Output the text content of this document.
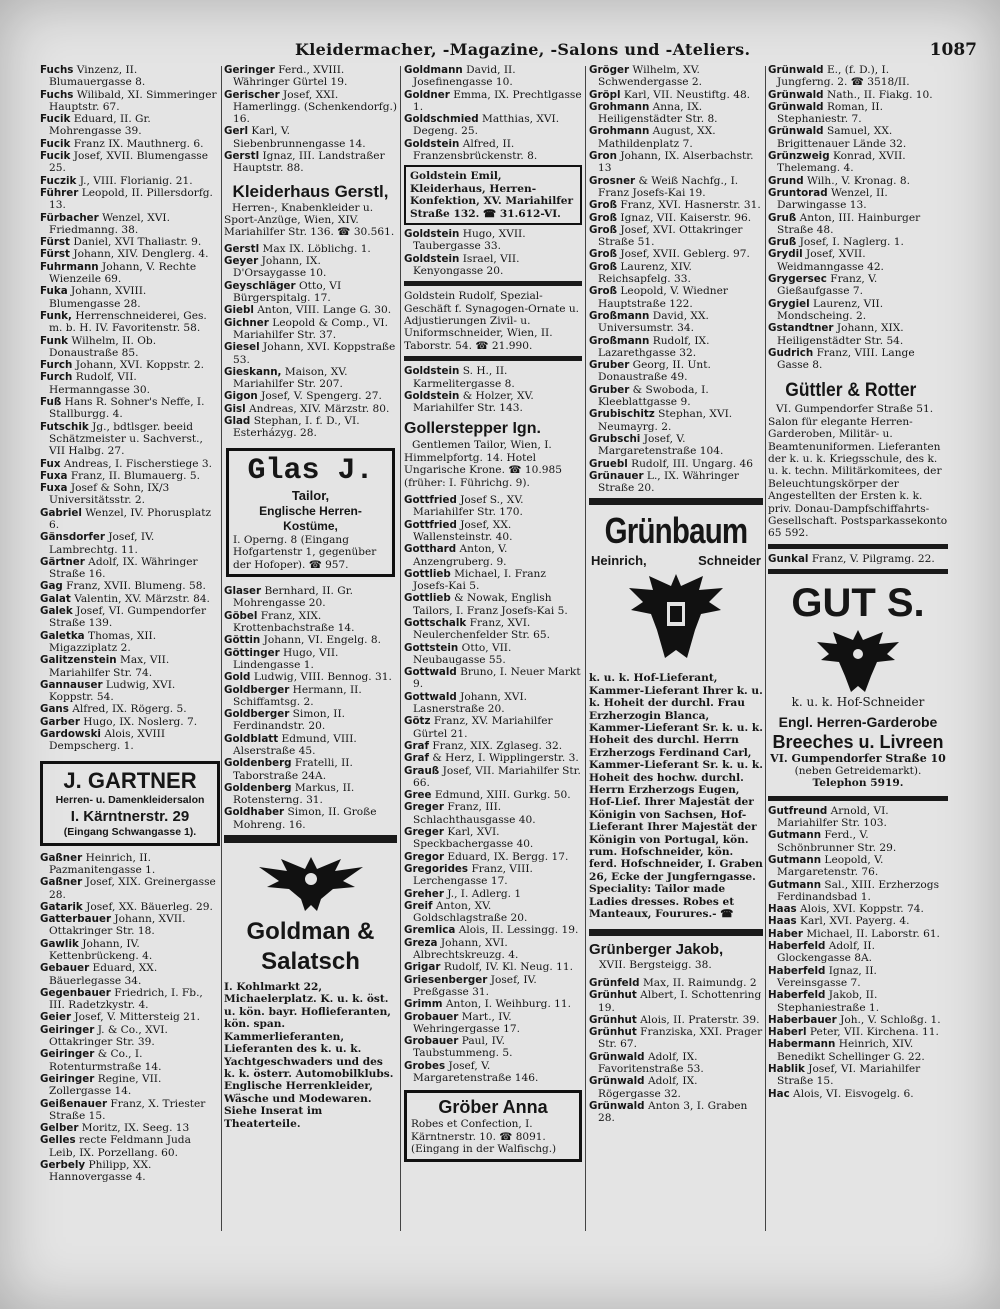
Kleidermacher, -Magazine, -Salons und -Ateliers.	1087
Fuchs Vinzenz, II. Blumauergasse 8.
Fuchs Wilibald, XI. Simmeringer Hauptstr. 67.
Fucik Eduard, II. Gr. Mohrengasse 39.
Fucik Franz IX. Mauthnerg. 6.
Fucik Josef, XVII. Blumengasse 25.
Fuczik J., VIII. Florianig. 21.
Führer Leopold, II. Pillersdorfg. 13.
Fürbacher Wenzel, XVI. Friedmanng. 38.
Fürst Daniel, XVI Thaliastr. 9.
Fürst Johann, XIV. Denglerg. 4.
Fuhrmann Johann, V. Rechte Wienzeile 69.
Fuka Johann, XVIII. Blumengasse 28.
Funk, Herrenschneiderei, Ges. m. b. H. IV. Favoritenstr. 58.
Funk Wilhelm, II. Ob. Donaustraße 85.
Furch Johann, XVI. Koppstr. 2.
Furch Rudolf, VII. Hermanngasse 30.
Fuß Hans R. Sohner's Neffe, I. Stallburgg. 4.
Futschik Jg., bdtlsger. beeid Schätzmeister u. Sachverst., VII Halbg. 27.
Fux Andreas, I. Fischerstiege 3.
Fuxa Franz, II. Blumauerg. 5.
Fuxa Josef & Sohn, IX/3 Universitätsstr. 2.
Gabriel Wenzel, IV. Phorusplatz 6.
Gänsdorfer Josef, IV. Lambrechtg. 11.
Gärtner Adolf, IX. Währinger Straße 16.
Gag Franz, XVII. Blumeng. 58.
Galat Valentin, XV. Märzstr. 84.
Galek Josef, VI. Gumpendorfer Straße 139.
Galetka Thomas, XII. Migazziplatz 2.
Galitzenstein Max, VII. Mariahilfer Str. 74.
Gannauser Ludwig, XVI. Koppstr. 54.
Gans Alfred, IX. Rögerg. 5.
Garber Hugo, IX. Noslerg. 7.
Gardowski Alois, XVIII Dempscherg. 1.
J. GARTNER
Herren- u. Damenkleidersalon
I. Kärntnerstr. 29
(Eingang Schwangasse 1).
Gaßner Heinrich, II. Pazmanitengasse 1.
Gaßner Josef, XIX. Greinergasse 28.
Gatarik Josef, XX. Bäuerleg. 29.
Gatterbauer Johann, XVII. Ottakringer Str. 18.
Gawlik Johann, IV. Kettenbrückeng. 4.
Gebauer Eduard, XX. Bäuerlegasse 34.
Gegenbauer Friedrich, I. Fb., III. Radetzkystr. 4.
Geier Josef, V. Mittersteig 21.
Geiringer J. & Co., XVI. Ottakringer Str. 39.
Geiringer & Co., I. Rotenturmstraße 14.
Geiringer Regine, VII. Zollergasse 14.
Geißenauer Franz, X. Triester Straße 15.
Gelber Moritz, IX. Seeg. 13
Gelles recte Feldmann Juda Leib, IX. Porzellang. 60.
Gerbely Philipp, XX. Hannovergasse 4.
Geringer Ferd., XVIII. Währinger Gürtel 19.
Gerischer Josef, XXI. Hamerlingg. (Schenkendorfg.) 16.
Gerl Karl, V. Siebenbrunnengasse 14.
Gerstl Ignaz, III. Landstraßer Hauptstr. 88.
Kleiderhaus Gerstl,
Herren-, Knabenkleider u. Sport-Anzüge, Wien, XIV. Mariahilfer Str. 136. ☎ 30.561.
Gerstl Max IX. Löblichg. 1.
Geyer Johann, IX. D'Orsaygasse 10.
Geyschläger Otto, VI Bürgerspitalg. 17.
Giebl Anton, VIII. Lange G. 30.
Gichner Leopold & Comp., VI. Mariahilfer Str. 37.
Giesel Johann, XVI. Koppstraße 53.
Gieskann, Maison, XV. Mariahilfer Str. 207.
Gigon Josef, V. Spengerg. 27.
Gisl Andreas, XIV. Märzstr. 80.
Glad Stephan, I. f. D., VI. Esterházyg. 28.
Glas J.
Tailor,
Englische Herren-
Kostüme,
I. Operng. 8 (Eingang Hofgartenstr 1, gegenüber der Hofoper). ☎ 957.
Glaser Bernhard, II. Gr. Mohrengasse 20.
Göbel Franz, XIX. Krottenbachstraße 14.
Göttin Johann, VI. Engelg. 8.
Göttinger Hugo, VII. Lindengasse 1.
Gold Ludwig, VIII. Bennog. 31.
Goldberger Hermann, II. Schiffamtsg. 2.
Goldberger Simon, II. Ferdinandstr. 20.
Goldblatt Edmund, VIII. Alserstraße 45.
Goldenberg Fratelli, II. Taborstraße 24A.
Goldenberg Markus, II. Rotensterng. 31.
Goldhaber Simon, II. Große Mohreng. 16.
Goldman &
Salatsch
I. Kohlmarkt 22, Michaelerplatz. K. u. k. öst. u. kön. bayr. Hoflieferanten, kön. span. Kammerlieferanten, Lieferanten des k. u. k. Yachtgeschwaders und des k. k. österr. Automobilklubs. Englische Herrenkleider, Wäsche und Modewaren. Siehe Inserat im Theaterteile.
Goldmann David, II. Josefinengasse 10.
Goldner Emma, IX. Prechtlgasse 1.
Goldschmied Matthias, XVI. Degeng. 25.
Goldstein Alfred, II. Franzensbrückenstr. 8.
Goldstein Emil, Kleiderhaus, Herren-Konfektion, XV. Mariahilfer Straße 132. ☎ 31.612-VI.
Goldstein Hugo, XVII. Taubergasse 33.
Goldstein Israel, VII. Kenyongasse 20.
Goldstein Rudolf, Spezial-Geschäft f. Synagogen-Ornate u. Adjustierungen Zivil- u. Uniformschneider, Wien, II. Taborstr. 54. ☎ 21.990.
Goldstein S. H., II. Karmelitergasse 8.
Goldstein & Holzer, XV. Mariahilfer Str. 143.
Gollerstepper Ign.
Gentlemen Tailor, Wien, I. Himmelpfortg. 14. Hotel Ungarische Krone. ☎ 10.985 (früher: I. Führichg. 9).
Gottfried Josef S., XV. Mariahilfer Str. 170.
Gottfried Josef, XX. Wallensteinstr. 40.
Gotthard Anton, V. Anzengruberg. 9.
Gottlieb Michael, I. Franz Josefs-Kai 5.
Gottlieb & Nowak, English Tailors, I. Franz Josefs-Kai 5.
Gottschalk Franz, XVI. Neulerchenfelder Str. 65.
Gottstein Otto, VII. Neubaugasse 55.
Gottwald Bruno, I. Neuer Markt 9.
Gottwald Johann, XVI. Lasnerstraße 20.
Götz Franz, XV. Mariahilfer Gürtel 21.
Graf Franz, XIX. Zglaseg. 32.
Graf & Herz, I. Wipplingerstr. 3.
Grauß Josef, VII. Mariahilfer Str. 66.
Gree Edmund, XIII. Gurkg. 50.
Greger Franz, III. Schlachthausgasse 40.
Greger Karl, XVI. Speckbachergasse 40.
Gregor Eduard, IX. Bergg. 17.
Gregorides Franz, VIII. Lerchengasse 17.
Greher J., I. Adlerg. 1
Greif Anton, XV. Goldschlagstraße 20.
Gremlica Alois, II. Lessingg. 19.
Greza Johann, XVI. Albrechtskreuzg. 4.
Grigar Rudolf, IV. Kl. Neug. 11.
Griesenberger Josef, IV. Preßgasse 31.
Grimm Anton, I. Weihburg. 11.
Grobauer Mart., IV. Wehringergasse 17.
Grobauer Paul, IV. Taubstummeng. 5.
Grobes Josef, V. Margaretenstraße 146.
Gröber Anna
Robes et Confection, I. Kärntnerstr. 10. ☎ 8091. (Eingang in der Walfischg.)
Gröger Wilhelm, XV. Schwendergasse 2.
Gröpl Karl, VII. Neustiftg. 48.
Grohmann Anna, IX. Heiligenstädter Str. 8.
Grohmann August, XX. Mathildenplatz 7.
Gron Johann, IX. Alserbachstr. 13
Grosner & Weiß Nachfg., I. Franz Josefs-Kai 19.
Groß Franz, XVI. Hasnerstr. 31.
Groß Ignaz, VII. Kaiserstr. 96.
Groß Josef, XVI. Ottakringer Straße 51.
Groß Josef, XVII. Geblerg. 97.
Groß Laurenz, XIV. Reichsapfelg. 33.
Groß Leopold, V. Wiedner Hauptstraße 122.
Großmann David, XX. Universumstr. 34.
Großmann Rudolf, IX. Lazarethgasse 32.
Gruber Georg, II. Unt. Donaustraße 49.
Gruber & Swoboda, I. Kleeblattgasse 9.
Grubischitz Stephan, XVI. Neumayrg. 2.
Grubschi Josef, V. Margaretenstraße 104.
Gruebl Rudolf, III. Ungarg. 46
Grünauer L., IX. Währinger Straße 20.
Grünbaum
Heinrich,	Schneider
k. u. k. Hof-Lieferant, Kammer-Lieferant Ihrer k. u. k. Hoheit der durchl. Frau Erzherzogin Blanca, Kammer-Lieferant Sr. k. u. k. Hoheit des durchl. Herrn Erzherzogs Ferdinand Carl, Kammer-Lieferant Sr. k. u. k. Hoheit des hochw. durchl. Herrn Erzherzogs Eugen, Hof-Lief. Ihrer Majestät der Königin von Sachsen, Hof-Lieferant Ihrer Majestät der Königin von Portugal, kön. rum. Hofschneider, kön. ferd. Hofschneider, I. Graben 26, Ecke der Jungferngasse. Speciality: Tailor made Ladies dresses. Robes et Manteaux, Fourures.- ☎
Grünberger Jakob,
XVII. Bergsteigg. 38.
Grünfeld Max, II. Raimundg. 2
Grünhut Albert, I. Schottenring 19.
Grünhut Alois, II. Praterstr. 39.
Grünhut Franziska, XXI. Prager Str. 67.
Grünwald Adolf, IX. Favoritenstraße 53.
Grünwald Adolf, IX. Rögergasse 32.
Grünwald Anton 3, I. Graben 28.
Grünwald E., (f. D.), I. Jungferng. 2. ☎ 3518/II.
Grünwald Nath., II. Fiakg. 10.
Grünwald Roman, II. Stephaniestr. 7.
Grünwald Samuel, XX. Brigittenauer Lände 32.
Grünzweig Konrad, XVII. Thelemang. 4.
Grund Wilh., V. Kronag. 8.
Gruntorad Wenzel, II. Darwingasse 13.
Gruß Anton, III. Hainburger Straße 48.
Gruß Josef, I. Naglerg. 1.
Grydil Josef, XVII. Weidmanngasse 42.
Grygersec Franz, V. Gießaufgasse 7.
Grygiel Laurenz, VII. Mondscheing. 2.
Gstandtner Johann, XIX. Heiligenstädter Str. 54.
Gudrich Franz, VIII. Lange Gasse 8.
Güttler & Rotter
VI. Gumpendorfer Straße 51. Salon für elegante Herren-Garderoben, Militär- u. Beamtenuniformen. Lieferanten der k. u. k. Kriegsschule, des k. u. k. techn. Militärkomitees, der Beleuchtungskörper der Angestellten der Ersten k. k. priv. Donau-Dampfschiffahrts-Gesellschaft. Postsparkassekonto 65 592.
Gunkal Franz, V. Pilgramg. 22.
GUT S.
k. u. k. Hof-Schneider
Engl. Herren-Garderobe
Breeches u. Livreen
VI. Gumpendorfer Straße 10
(neben Getreidemarkt).
Telephon 5919.
Gutfreund Arnold, VI. Mariahilfer Str. 103.
Gutmann Ferd., V. Schönbrunner Str. 29.
Gutmann Leopold, V. Margaretenstr. 76.
Gutmann Sal., XIII. Erzherzogs Ferdinandsbad 1.
Haas Alois, XVI. Koppstr. 74.
Haas Karl, XVI. Payerg. 4.
Haber Michael, II. Laborstr. 61.
Haberfeld Adolf, II. Glockengasse 8A.
Haberfeld Ignaz, II. Vereinsgasse 7.
Haberfeld Jakob, II. Stephaniestraße 1.
Haberbauer Joh., V. Schloßg. 1.
Haberl Peter, VII. Kirchena. 11.
Habermann Heinrich, XIV. Benedikt Schellinger G. 22.
Hablik Josef, VI. Mariahilfer Straße 15.
Hac Alois, VI. Eisvogelg. 6.
